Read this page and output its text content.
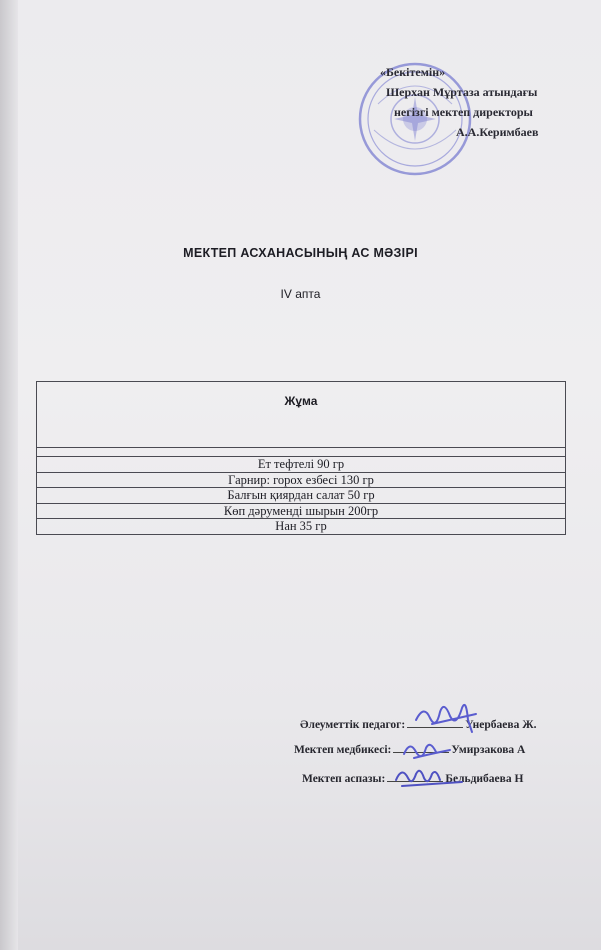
«Бекітемін»
Шерхан Мұртаза атындағы
негізгі мектеп директоры
А.А.Керимбаев
МЕКТЕП АСХАНАСЫНЫҢ АС МӘЗІРІ
IV апта
Жұма

Ет тефтелі 90 гр
Гарнир: горох езбесі 130 гр
Балғын қиярдан салат 50 гр
Көп дәруменді шырын 200гр
Нан 35 гр
Әлеуметтік педагог:	Унербаева Ж.
Мектеп медбикесі:	Умирзакова А
Мектеп аспазы:	Бельдибаева Н
